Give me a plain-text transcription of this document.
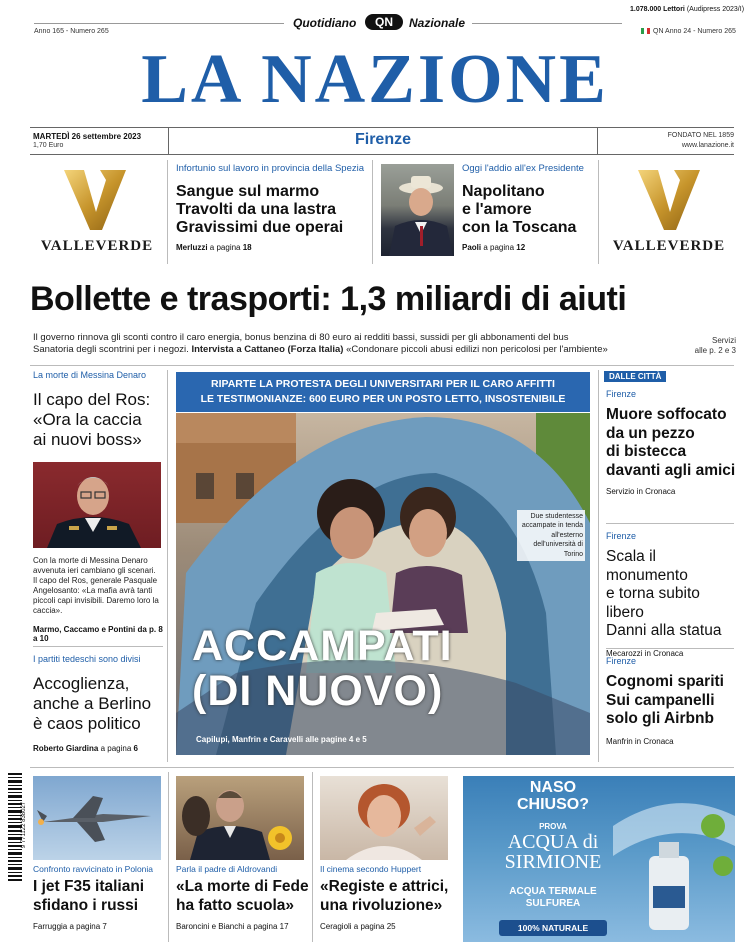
Quotidiano	QN	Nazionale
1.078.000 Lettori (Audipress 2023/I)
Anno 165 - Numero 265	QN Anno 24 - Numero 265
LA NAZIONE
MARTEDÌ 26 settembre 2023
1,70 Euro	Firenze	FONDATO NEL 1859
www.lanazione.it
VALLEVERDE	VALLEVERDE
Infortunio sul lavoro in provincia della Spezia
Sangue sul marmo
Travolti da una lastra
Gravissimi due operai
Merluzzi a pagina 18
Oggi l'addio all'ex Presidente
Napolitano
e l'amore
con la Toscana
Paoli a pagina 12
Bollette e trasporti: 1,3 miliardi di aiuti
Il governo rinnova gli sconti contro il caro energia, bonus benzina di 80 euro ai redditi bassi, sussidi per gli abbonamenti del bus
Sanatoria degli scontrini per i negozi. Intervista a Cattaneo (Forza Italia) «Condonare piccoli abusi edilizi non pericolosi per l'ambiente»
Servizi
alle p. 2 e 3
La morte di Messina Denaro
Il capo del Ros:
«Ora la caccia
ai nuovi boss»
Con la morte di Messina Denaro avvenuta ieri cambiano gli scenari. Il capo del Ros, generale Pasquale Angelosanto: «La mafia avrà tanti piccoli capi invisibili. Daremo loro la caccia».
Marmo, Caccamo e Pontini da p. 8 a 10
I partiti tedeschi sono divisi
Accoglienza,
anche a Berlino
è caos politico
Roberto Giardina a pagina 6
RIPARTE LA PROTESTA DEGLI UNIVERSITARI PER IL CARO AFFITTI
LE TESTIMONIANZE: 600 EURO PER UN POSTO LETTO, INSOSTENIBILE
Due studentesse accampate in tenda all'esterno dell'università di Torino
ACCAMPATI
(DI NUOVO)
Capilupi, Manfrin e Caravelli alle pagine 4 e 5
DALLE CITTÀ
Firenze
Muore soffocato
da un pezzo
di bistecca
davanti agli amici
Servizio in Cronaca
Firenze
Scala il monumento
e torna subito libero
Danni alla statua
Mecarozzi in Cronaca
Firenze
Cognomi spariti
Sui campanelli
solo gli Airbnb
Manfrin in Cronaca
9 771122 838027
Confronto ravvicinato in Polonia
I jet F35 italiani
sfidano i russi
Farruggia a pagina 7
Parla il padre di Aldrovandi
«La morte di Fede
ha fatto scuola»
Baroncini e Bianchi a pagina 17
Il cinema secondo Huppert
«Registe e attrici,
una rivoluzione»
Ceragioli a pagina 25
NASO
CHIUSO?
PROVA
ACQUA di
SIRMIONE
ACQUA TERMALE
SULFUREA
100% NATURALE
